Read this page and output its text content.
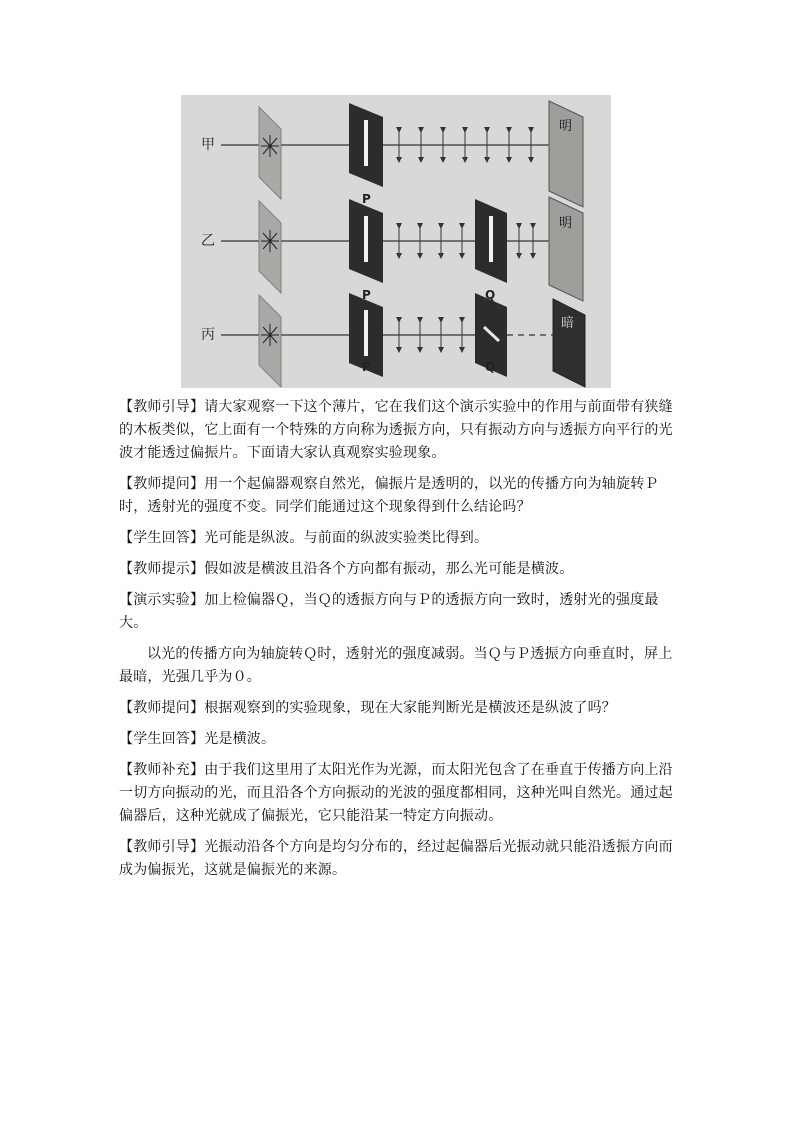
甲
P
明
乙
P	Q
明
丙
P	Q
暗

【教师引导】请大家观察一下这个薄片，它在我们这个演示实验中的作用与前面带有狭缝的木板类似，它上面有一个特殊的方向称为透振方向，只有振动方向与透振方向平行的光波才能透过偏振片。下面请大家认真观察实验现象。

【教师提问】用一个起偏器观察自然光，偏振片是透明的，以光的传播方向为轴旋转Ｐ时，透射光的强度不变。同学们能通过这个现象得到什么结论吗？

【学生回答】光可能是纵波。与前面的纵波实验类比得到。

【教师提示】假如波是横波且沿各个方向都有振动，那么光可能是横波。

【演示实验】加上检偏器Ｑ，当Ｑ的透振方向与Ｐ的透振方向一致时，透射光的强度最大。

以光的传播方向为轴旋转Ｑ时，透射光的强度减弱。当Ｑ与Ｐ透振方向垂直时，屏上最暗，光强几乎为０。

【教师提问】根据观察到的实验现象，现在大家能判断光是横波还是纵波了吗？

【学生回答】光是横波。

【教师补充】由于我们这里用了太阳光作为光源，而太阳光包含了在垂直于传播方向上沿一切方向振动的光，而且沿各个方向振动的光波的强度都相同，这种光叫自然光。通过起偏器后，这种光就成了偏振光，它只能沿某一特定方向振动。

【教师引导】光振动沿各个方向是均匀分布的，经过起偏器后光振动就只能沿透振方向而成为偏振光，这就是偏振光的来源。
